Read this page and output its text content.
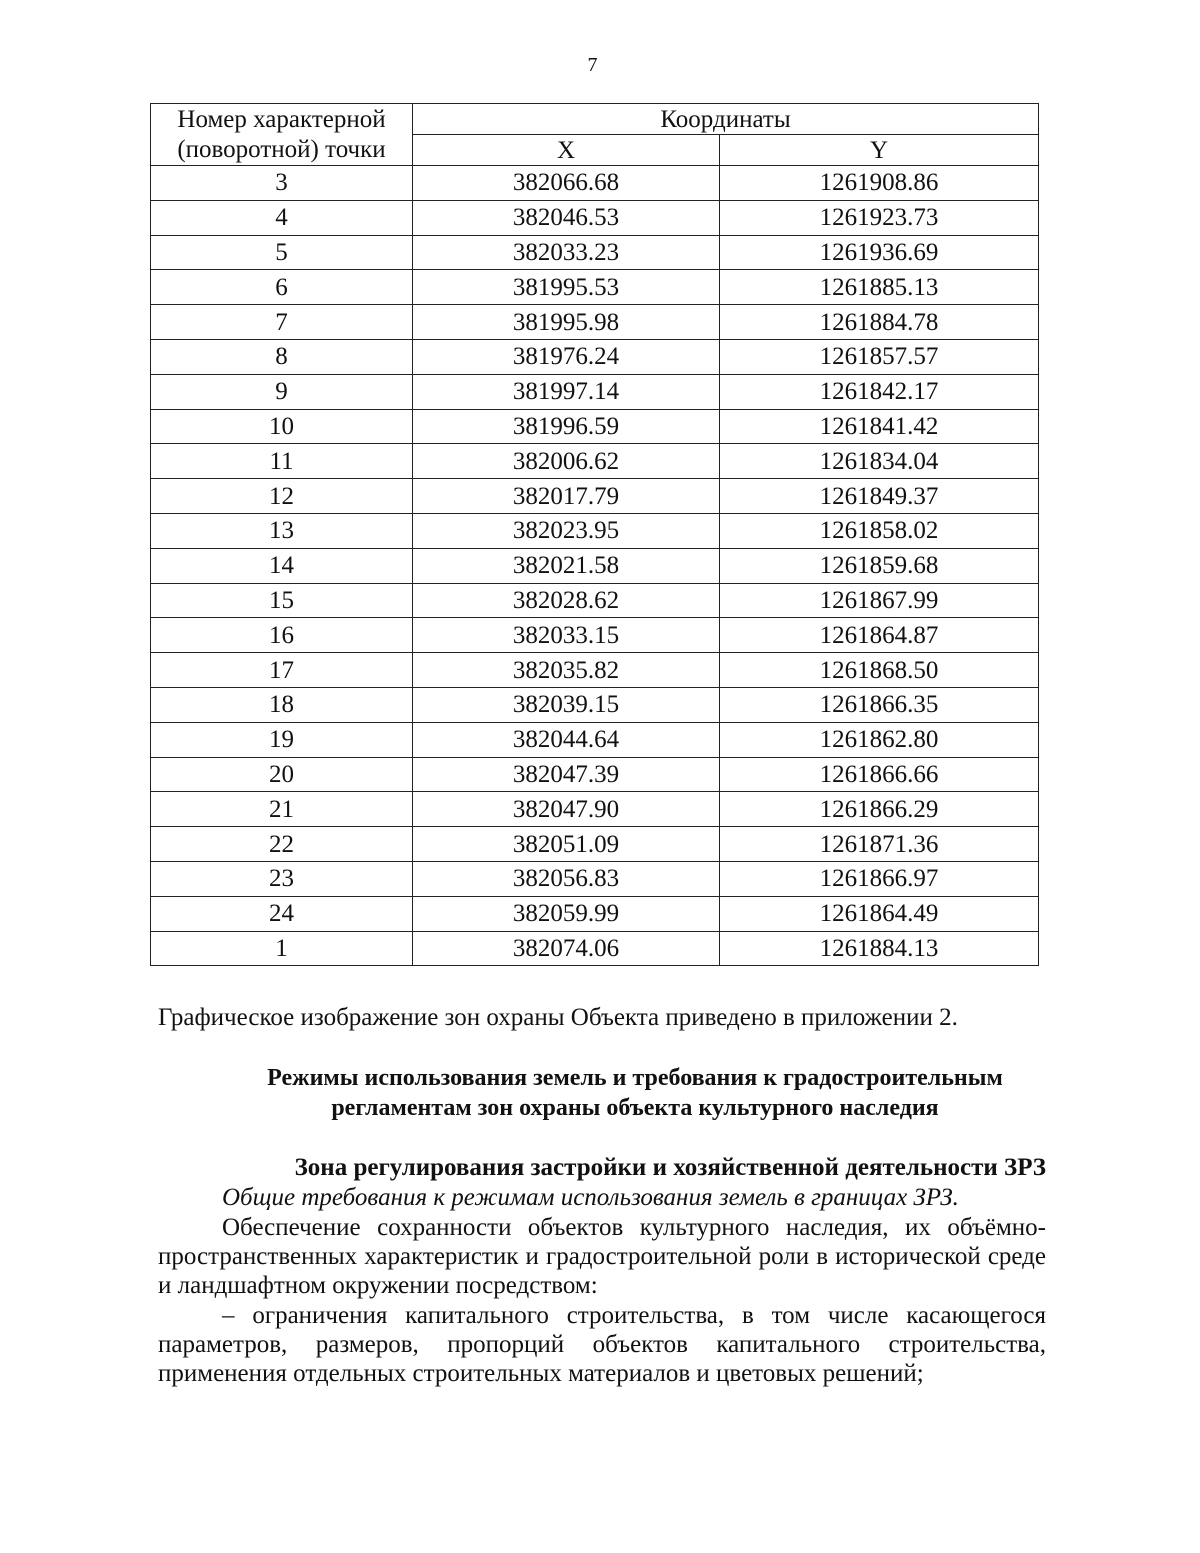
7
Номер характерной (поворотной) точки	Координаты	
	X	Y
3	382066.68	1261908.86
4	382046.53	1261923.73
5	382033.23	1261936.69
6	381995.53	1261885.13
7	381995.98	1261884.78
8	381976.24	1261857.57
9	381997.14	1261842.17
10	381996.59	1261841.42
11	382006.62	1261834.04
12	382017.79	1261849.37
13	382023.95	1261858.02
14	382021.58	1261859.68
15	382028.62	1261867.99
16	382033.15	1261864.87
17	382035.82	1261868.50
18	382039.15	1261866.35
19	382044.64	1261862.80
20	382047.39	1261866.66
21	382047.90	1261866.29
22	382051.09	1261871.36
23	382056.83	1261866.97
24	382059.99	1261864.49
1	382074.06	1261884.13
Графическое изображение зон охраны Объекта приведено в приложении 2.
Режимы использования земель и требования к градостроительным
регламентам зон охраны объекта культурного наследия
Зона регулирования застройки и хозяйственной деятельности ЗРЗ
Общие требования к режимам использования земель в границах ЗРЗ.
Обеспечение сохранности объектов культурного наследия, их объёмно-пространственных характеристик и градостроительной роли в исторической среде и ландшафтном окружении посредством:
– ограничения капитального строительства, в том числе касающегося параметров, размеров, пропорций объектов капитального строительства, применения отдельных строительных материалов и цветовых решений;
